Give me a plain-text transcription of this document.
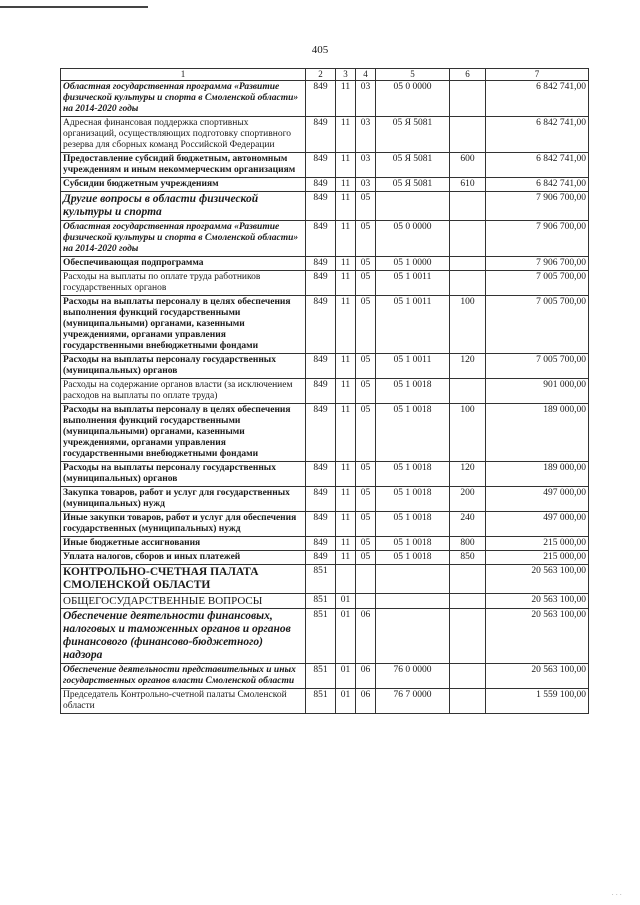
405
1	2	3	4	5	6	7
Областная государственная программа «Развитие физической культуры и спорта в Смоленской области» на 2014-2020 годы	849	11	03	05 0 0000		6 842 741,00
Адресная финансовая поддержка спортивных организаций, осуществляющих подготовку спортивного резерва для сборных команд Российской Федерации	849	11	03	05 Я 5081		6 842 741,00
Предоставление субсидий бюджетным, автономным учреждениям и иным некоммерческим организациям	849	11	03	05 Я 5081	600	6 842 741,00
Субсидии бюджетным учреждениям	849	11	03	05 Я 5081	610	6 842 741,00
Другие вопросы в области физической культуры и спорта	849	11	05			7 906 700,00
Областная государственная программа «Развитие физической культуры и спорта в Смоленской области» на 2014-2020 годы	849	11	05	05 0 0000		7 906 700,00
Обеспечивающая подпрограмма	849	11	05	05 1 0000		7 906 700,00
Расходы на выплаты по оплате труда работников государственных органов	849	11	05	05 1 0011		7 005 700,00
Расходы на выплаты персоналу в целях обеспечения выполнения функций государственными (муниципальными) органами, казенными учреждениями, органами управления государственными внебюджетными фондами	849	11	05	05 1 0011	100	7 005 700,00
Расходы на выплаты персоналу государственных (муниципальных) органов	849	11	05	05 1 0011	120	7 005 700,00
Расходы на содержание органов власти (за исключением расходов на выплаты по оплате труда)	849	11	05	05 1 0018		901 000,00
Расходы на выплаты персоналу в целях обеспечения выполнения функций государственными (муниципальными) органами, казенными учреждениями, органами управления государственными внебюджетными фондами	849	11	05	05 1 0018	100	189 000,00
Расходы на выплаты персоналу государственных (муниципальных) органов	849	11	05	05 1 0018	120	189 000,00
Закупка товаров, работ и услуг для государственных (муниципальных) нужд	849	11	05	05 1 0018	200	497 000,00
Иные закупки товаров, работ и услуг для обеспечения государственных (муниципальных) нужд	849	11	05	05 1 0018	240	497 000,00
Иные бюджетные ассигнования	849	11	05	05 1 0018	800	215 000,00
Уплата налогов, сборов и иных платежей	849	11	05	05 1 0018	850	215 000,00
КОНТРОЛЬНО-СЧЕТНАЯ ПАЛАТА СМОЛЕНСКОЙ ОБЛАСТИ	851					20 563 100,00
ОБЩЕГОСУДАРСТВЕННЫЕ ВОПРОСЫ	851	01				20 563 100,00
Обеспечение деятельности финансовых, налоговых и таможенных органов и органов финансового (финансово-бюджетного) надзора	851	01	06			20 563 100,00
Обеспечение деятельности представительных и иных государственных органов власти Смоленской области	851	01	06	76 0 0000		20 563 100,00
Председатель Контрольно-счетной палаты Смоленской области	851	01	06	76 7 0000		1 559 100,00
· · ·
